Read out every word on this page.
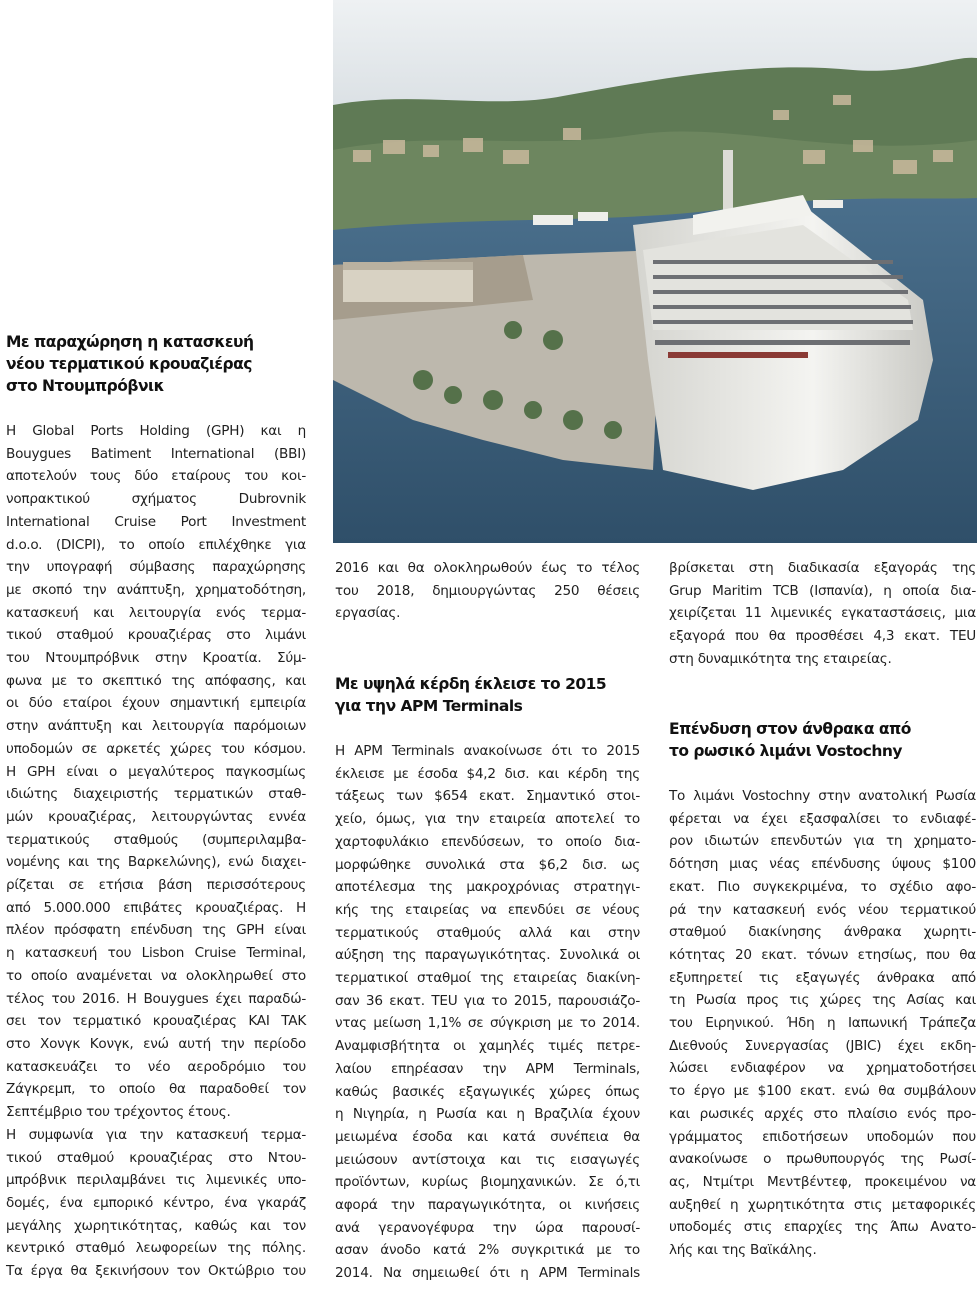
Με παραχώρηση η κατασκευή
νέου τερματικού κρουαζιέρας
στο Ντουμπρόβνικ
Η Global Ports Holding (GPH) και η
Bouygues Batiment International (BBI)
αποτελούν τους δύο εταίρους του κοι-
νοπρακτικού σχήματος Dubrovnik
International Cruise Port Investment
d.o.o. (DICPI), το οποίο επιλέχθηκε για
την υπογραφή σύμβασης παραχώρησης
με σκοπό την ανάπτυξη, χρηματοδότηση,
κατασκευή και λειτουργία ενός τερμα-
τικού σταθμού κρουαζιέρας στο λιμάνι
του Ντουμπρόβνικ στην Κροατία. Σύμ-
φωνα με το σκεπτικό της απόφασης, και
οι δύο εταίροι έχουν σημαντική εμπειρία
στην ανάπτυξη και λειτουργία παρόμοιων
υποδομών σε αρκετές χώρες του κόσμου.
Η GPH είναι ο μεγαλύτερος παγκοσμίως
ιδιώτης διαχειριστής τερματικών σταθ-
μών κρουαζιέρας, λειτουργώντας εννέα
τερματικούς σταθμούς (συμπεριλαμβα-
νομένης και της Βαρκελώνης), ενώ διαχει-
ρίζεται σε ετήσια βάση περισσότερους
από 5.000.000 επιβάτες κρουαζιέρας. Η
πλέον πρόσφατη επένδυση της GPH είναι
η κατασκευή του Lisbon Cruise Terminal,
το οποίο αναμένεται να ολοκληρωθεί στο
τέλος του 2016. Η Bouygues έχει παραδώ-
σει τον τερματικό κρουαζιέρας KAI TAK
στο Χονγκ Κονγκ, ενώ αυτή την περίοδο
κατασκευάζει το νέο αεροδρόμιο του
Ζάγκρεμπ, το οποίο θα παραδοθεί τον
Σεπτέμβριο του τρέχοντος έτους.
Η συμφωνία για την κατασκευή τερμα-
τικού σταθμού κρουαζιέρας στο Ντου-
μπρόβνικ περιλαμβάνει τις λιμενικές υπο-
δομές, ένα εμπορικό κέντρο, ένα γκαράζ
μεγάλης χωρητικότητας, καθώς και τον
κεντρικό σταθμό λεωφορείων της πόλης.
Τα έργα θα ξεκινήσουν τον Οκτώβριο του
2016 και θα ολοκληρωθούν έως το τέλος
του 2018, δημιουργώντας 250 θέσεις
εργασίας.
Με υψηλά κέρδη έκλεισε το 2015
για την APM Terminals
Η APM Terminals ανακοίνωσε ότι το 2015
έκλεισε με έσοδα $4,2 δισ. και κέρδη της
τάξεως των $654 εκατ. Σημαντικό στοι-
χείο, όμως, για την εταιρεία αποτελεί το
χαρτοφυλάκιο επενδύσεων, το οποίο δια-
μορφώθηκε συνολικά στα $6,2 δισ. ως
αποτέλεσμα της μακροχρόνιας στρατηγι-
κής της εταιρείας να επενδύει σε νέους
τερματικούς σταθμούς αλλά και στην
αύξηση της παραγωγικότητας. Συνολικά οι
τερματικοί σταθμοί της εταιρείας διακίνη-
σαν 36 εκατ. TEU για το 2015, παρουσιάζο-
ντας μείωση 1,1% σε σύγκριση με το 2014.
Αναμφισβήτητα οι χαμηλές τιμές πετρε-
λαίου επηρέασαν την APM Terminals,
καθώς βασικές εξαγωγικές χώρες όπως
η Νιγηρία, η Ρωσία και η Βραζιλία έχουν
μειωμένα έσοδα και κατά συνέπεια θα
μειώσουν αντίστοιχα και τις εισαγωγές
προϊόντων, κυρίως βιομηχανικών. Σε ό,τι
αφορά την παραγωγικότητα, οι κινήσεις
ανά γερανογέφυρα την ώρα παρουσί-
ασαν άνοδο κατά 2% συγκριτικά με το
2014. Να σημειωθεί ότι η APM Terminals
βρίσκεται στη διαδικασία εξαγοράς της
Grup Maritim TCB (Ισπανία), η οποία δια-
χειρίζεται 11 λιμενικές εγκαταστάσεις, μια
εξαγορά που θα προσθέσει 4,3 εκατ. TEU
στη δυναμικότητα της εταιρείας.
Επένδυση στον άνθρακα από
το ρωσικό λιμάνι Vostochny
Το λιμάνι Vostochny στην ανατολική Ρωσία
φέρεται να έχει εξασφαλίσει το ενδιαφέ-
ρον ιδιωτών επενδυτών για τη χρηματο-
δότηση μιας νέας επένδυσης ύψους $100
εκατ. Πιο συγκεκριμένα, το σχέδιο αφο-
ρά την κατασκευή ενός νέου τερματικού
σταθμού διακίνησης άνθρακα χωρητι-
κότητας 20 εκατ. τόνων ετησίως, που θα
εξυπηρετεί τις εξαγωγές άνθρακα από
τη Ρωσία προς τις χώρες της Ασίας και
του Ειρηνικού. Ήδη η Ιαπωνική Τράπεζα
Διεθνούς Συνεργασίας (JBIC) έχει εκδη-
λώσει ενδιαφέρον να χρηματοδοτήσει
το έργο με $100 εκατ. ενώ θα συμβάλουν
και ρωσικές αρχές στο πλαίσιο ενός προ-
γράμματος επιδοτήσεων υποδομών που
ανακοίνωσε ο πρωθυπουργός της Ρωσί-
ας, Ντμίτρι Μεντβέντεφ, προκειμένου να
αυξηθεί η χωρητικότητα στις μεταφορικές
υποδομές στις επαρχίες της Άπω Ανατο-
λής και της Βαϊκάλης.
